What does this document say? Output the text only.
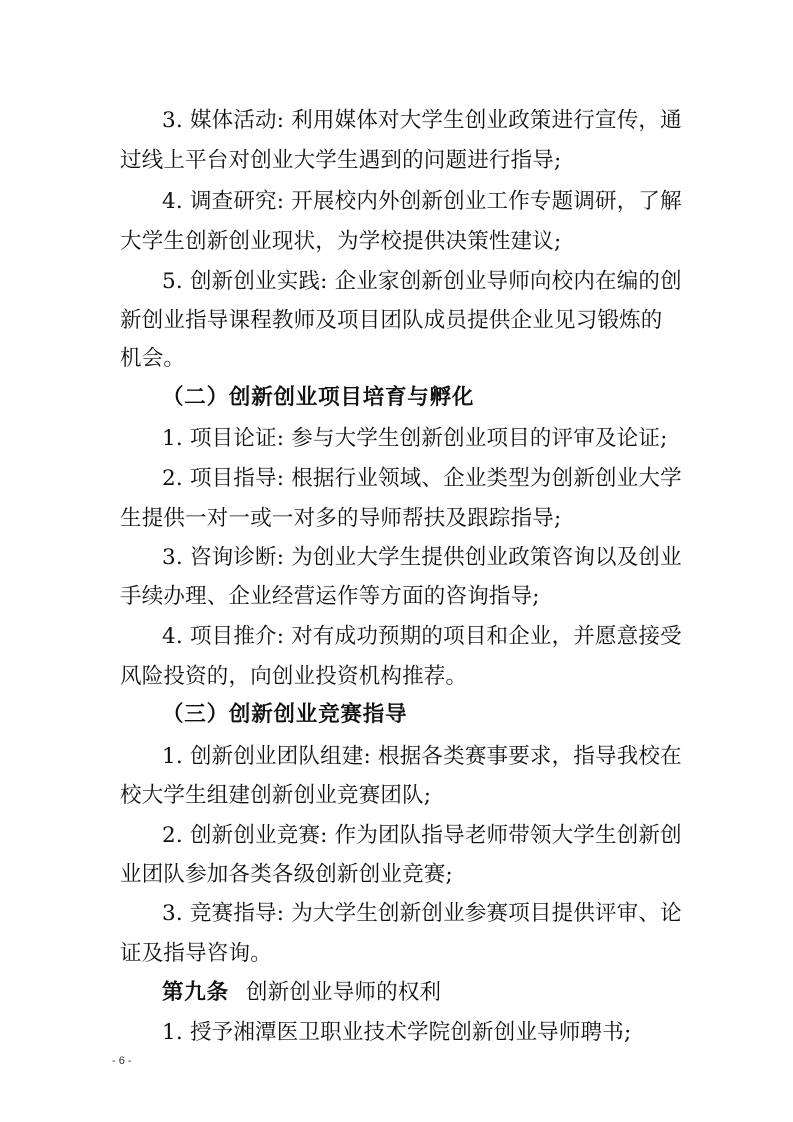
3. 媒体活动: 利用媒体对大学生创业政策进行宣传，通
过线上平台对创业大学生遇到的问题进行指导;
4. 调查研究: 开展校内外创新创业工作专题调研，了解
大学生创新创业现状，为学校提供决策性建议;
5. 创新创业实践: 企业家创新创业导师向校内在编的创
新创业指导课程教师及项目团队成员提供企业见习锻炼的
机会。
（二）创新创业项目培育与孵化
1. 项目论证: 参与大学生创新创业项目的评审及论证;
2. 项目指导: 根据行业领域、企业类型为创新创业大学
生提供一对一或一对多的导师帮扶及跟踪指导;
3. 咨询诊断: 为创业大学生提供创业政策咨询以及创业
手续办理、企业经营运作等方面的咨询指导;
4. 项目推介: 对有成功预期的项目和企业，并愿意接受
风险投资的，向创业投资机构推荐。
（三）创新创业竞赛指导
1. 创新创业团队组建: 根据各类赛事要求，指导我校在
校大学生组建创新创业竞赛团队;
2. 创新创业竞赛: 作为团队指导老师带领大学生创新创
业团队参加各类各级创新创业竞赛;
3. 竞赛指导: 为大学生创新创业参赛项目提供评审、论
证及指导咨询。
第九条 创新创业导师的权利
1. 授予湘潭医卫职业技术学院创新创业导师聘书;
- 6 -
